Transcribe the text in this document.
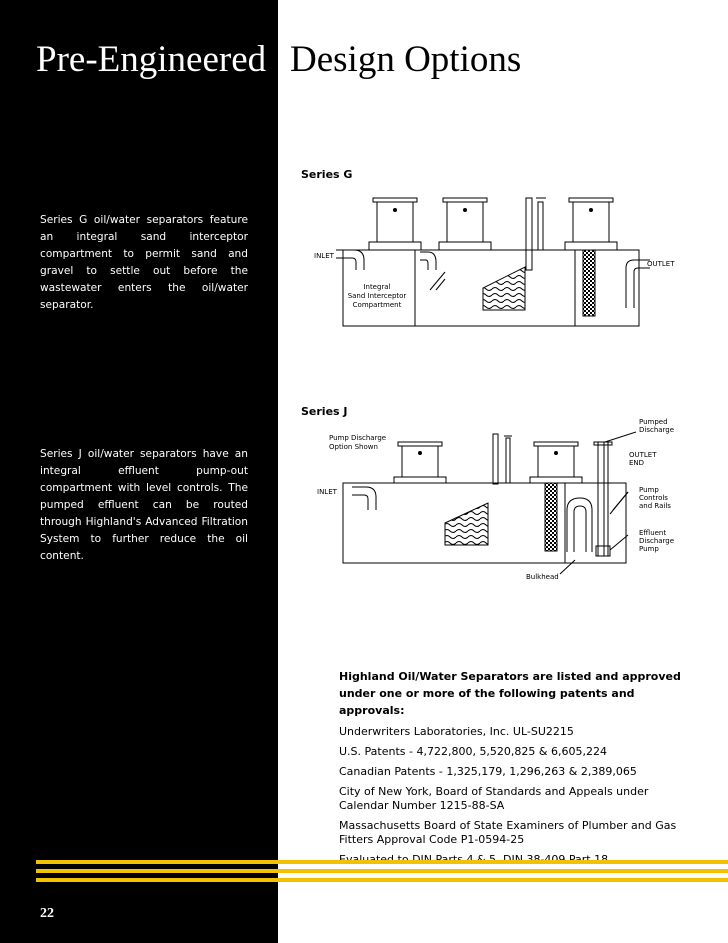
Pre-Engineered Design Options
Series G oil/water separators feature an integral sand interceptor compartment to permit sand and gravel to settle out before the wastewater enters the oil/water separator.
Series J oil/water separators have an integral effluent pump-out compartment with level controls. The pumped effluent can be routed through Highland's Advanced Filtration System to further reduce the oil content.
Series G
Series J
INLET
OUTLET
Integral
Sand Interceptor
Compartment
Pump Discharge
Option Shown
INLET
Pumped
Discharge
OUTLET
END
Pump
Controls
and Rails
Effluent
Discharge
Pump
Bulkhead
Highland Oil/Water Separators are listed and approved under one or more of the following patents and approvals:
Underwriters Laboratories, Inc. UL-SU2215
U.S. Patents - 4,722,800, 5,520,825 & 6,605,224
Canadian Patents - 1,325,179, 1,296,263 & 2,389,065
City of New York, Board of Standards and Appeals under Calendar Number 1215-88-SA
Massachusetts Board of State Examiners of Plumber and Gas Fitters Approval Code P1-0594-25
22
